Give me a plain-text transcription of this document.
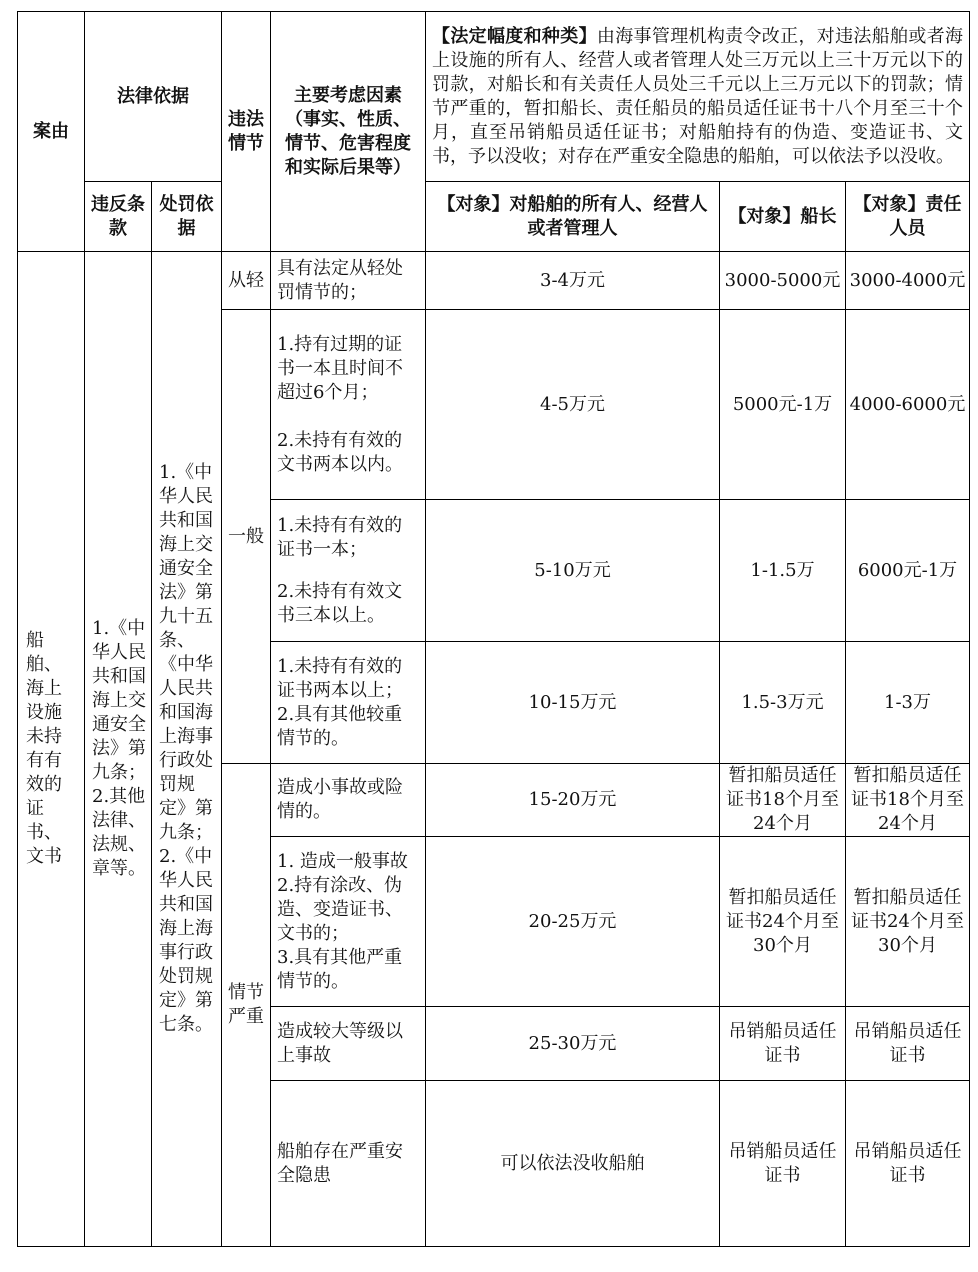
案由	法律依据		违法情节	主要考虑因素（事实、性质、情节、危害程度和实际后果等）	【法定幅度和种类】由海事管理机构责令改正，对违法船舶或者海上设施的所有人、经营人或者管理人处三万元以上三十万元以下的罚款，对船长和有关责任人员处三千元以上三万元以下的罚款；情节严重的，暂扣船长、责任船员的船员适任证书十八个月至三十个月，直至吊销船员适任证书；对船舶持有的伪造、变造证书、文书，予以没收；对存在严重安全隐患的船舶，可以依法予以没收。		
	违反条款	处罚依据			【对象】对船舶的所有人、经营人或者管理人	【对象】船长	【对象】责任人员
船舶、海上设施未持有有效的证书、文书	1.《中华人民共和国海上交通安全法》第九条；2.其他法律、法规、章等。	1.《中华人民共和国海上交通安全法》第九十五条、《中华人民共和国海上海事行政处罚规定》第九条；2.《中华人民共和国海上海事行政处罚规定》第七条。	从轻	具有法定从轻处罚情节的；	3-4万元	3000-5000元	3000-4000元
			一般	1.持有过期的证书一本且时间不超过6个月；
2.未持有有效的文书两本以内。	4-5万元	5000元-1万	4000-6000元

				1.未持有有效的证书一本；
2.未持有有效文书三本以上。	5-10万元	1-1.5万	6000元-1万

				1.未持有有效的证书两本以上；
2.具有其他较重情节的。	10-15万元	1.5-3万元	1-3万
			情节严重	造成小事故或险情的。	15-20万元	暂扣船员适任证书18个月至24个月	暂扣船员适任证书18个月至24个月

				1. 造成一般事故
2.持有涂改、伪造、变造证书、文书的；
3.具有其他严重情节的。	20-25万元	暂扣船员适任证书24个月至30个月	暂扣船员适任证书24个月至30个月
				造成较大等级以上事故	25-30万元	吊销船员适任证书	吊销船员适任证书
				船舶存在严重安全隐患	可以依法没收船舶	吊销船员适任证书	吊销船员适任证书
